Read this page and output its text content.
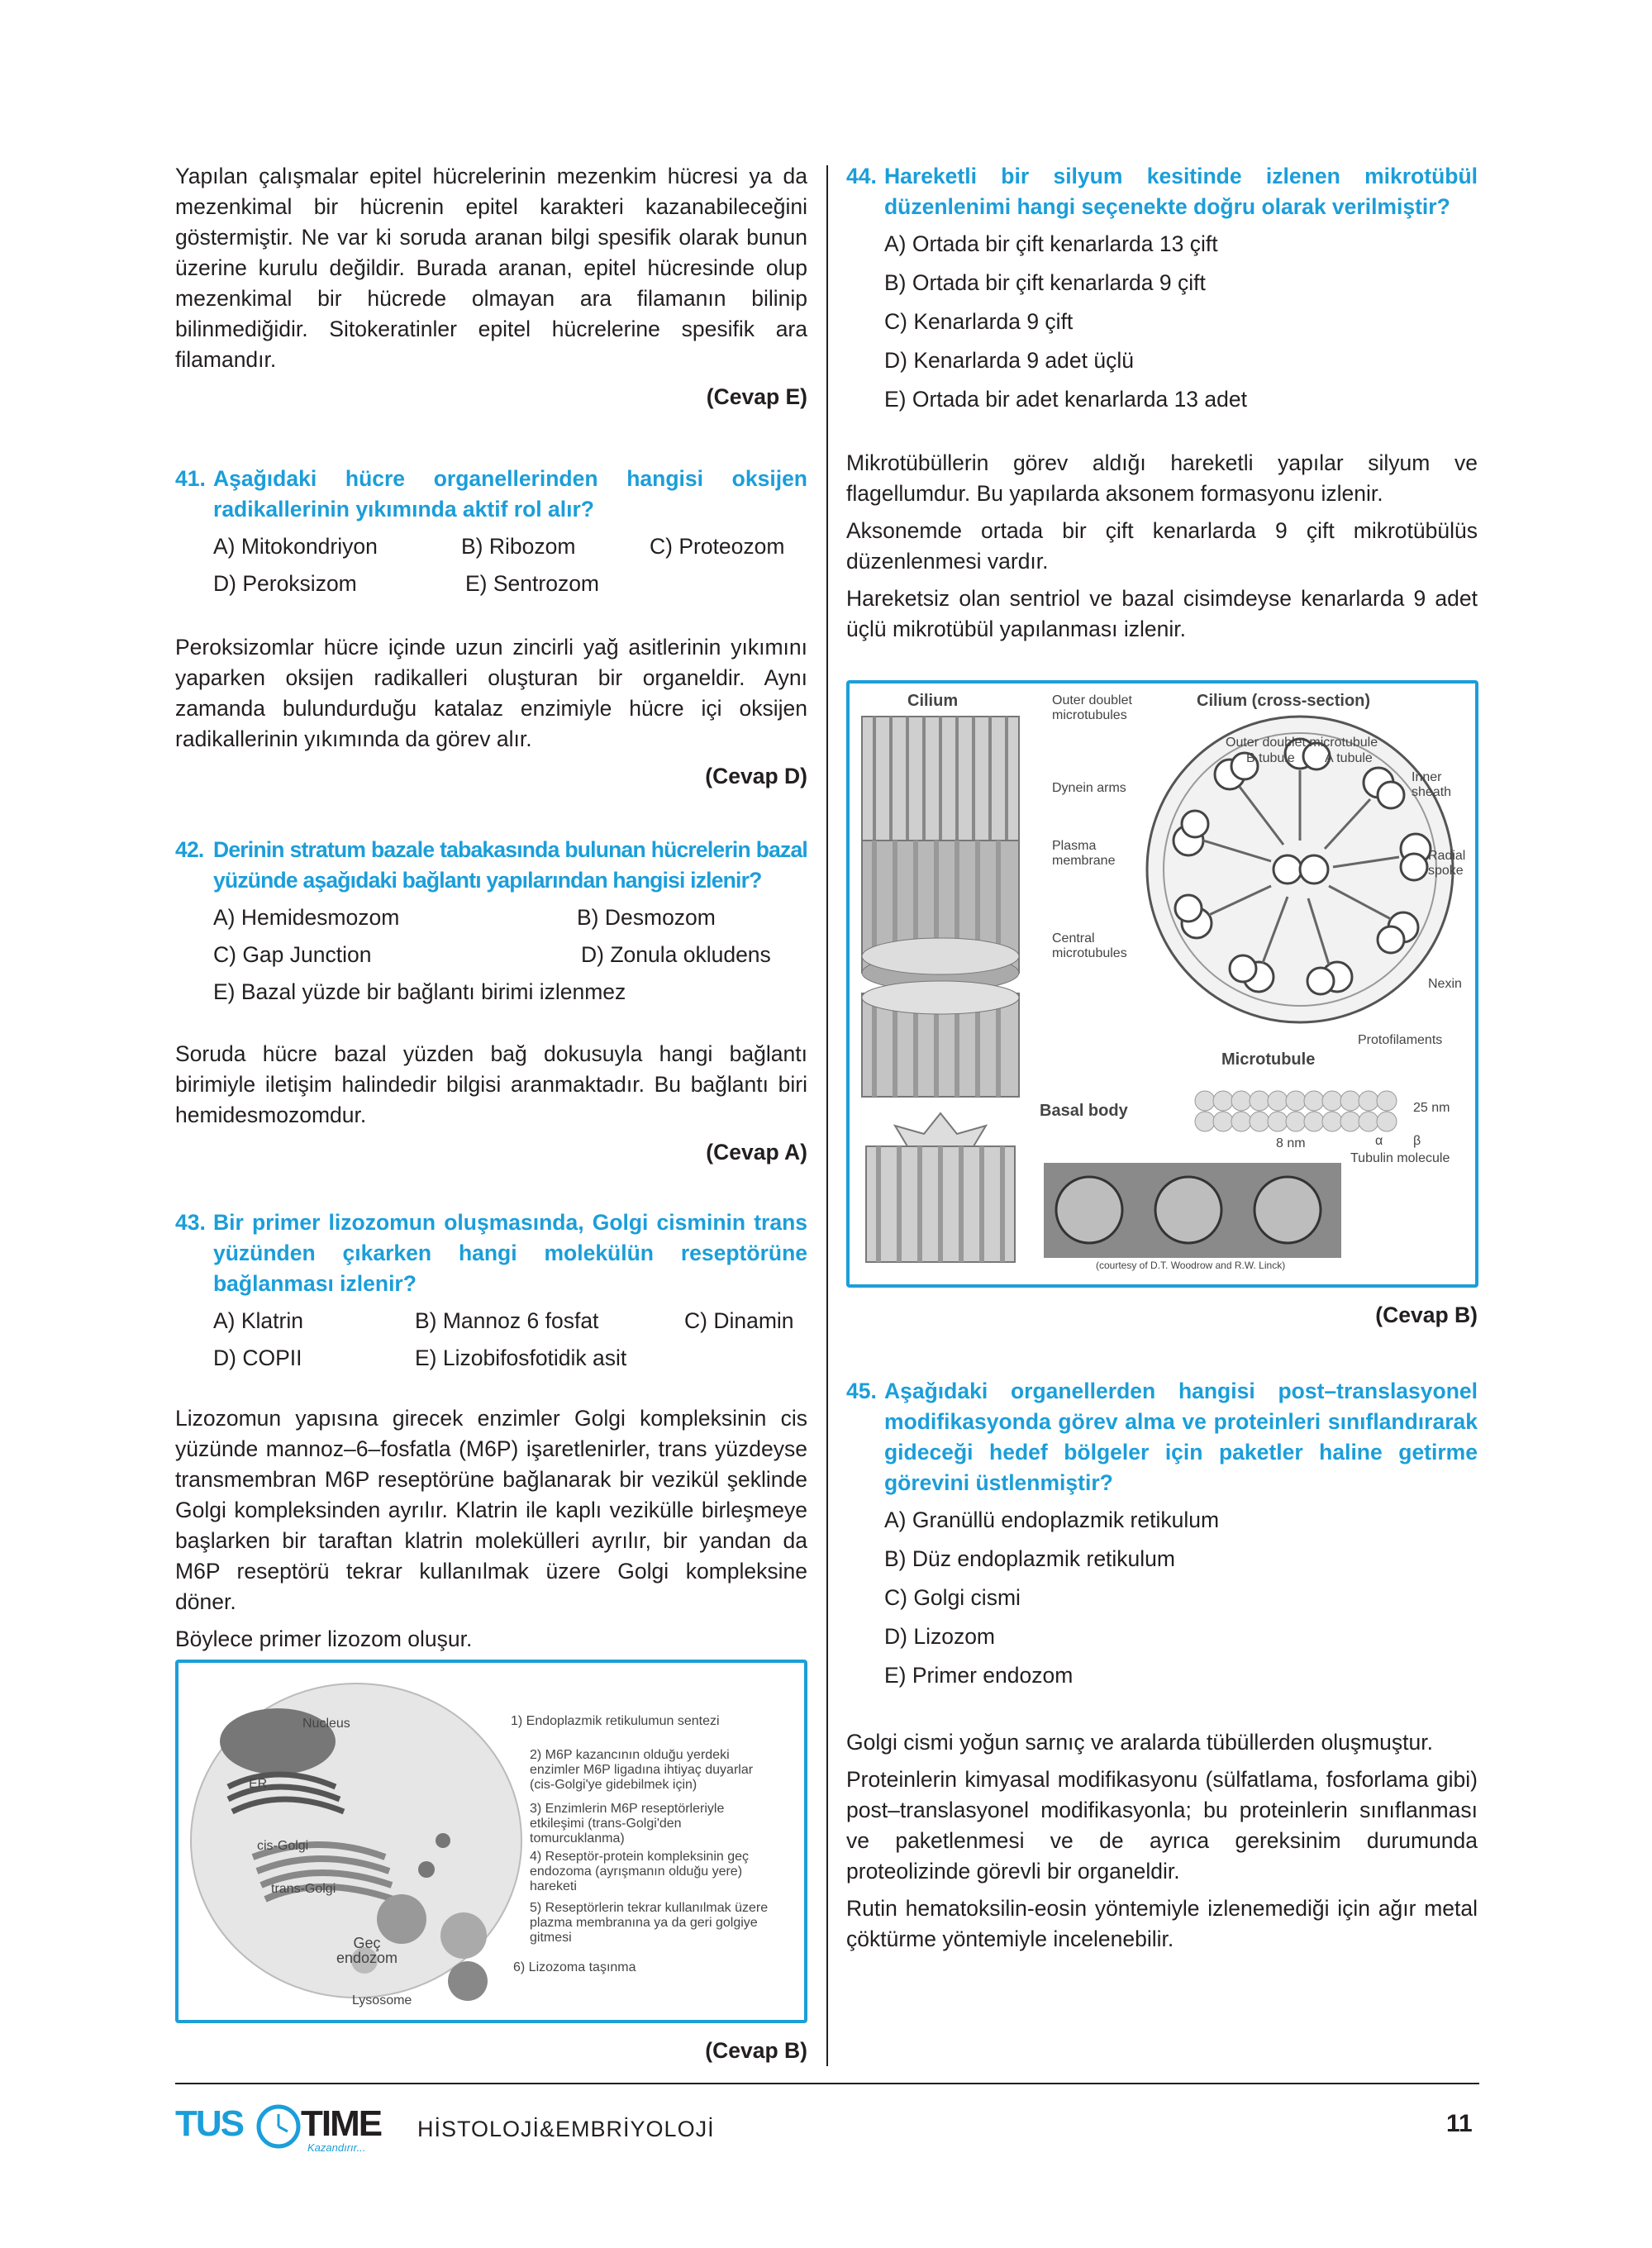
Yapılan çalışmalar epitel hücrelerinin mezenkim hücresi ya da mezenkimal bir hücrenin epitel karakteri kazanabileceğini göstermiştir. Ne var ki soruda aranan bilgi spesifik olarak bunun üzerine kurulu değildir. Burada aranan, epitel hücresinde olup mezenkimal bir hücrede olmayan ara filamanın bilinip bilinmediğidir. Sitokeratinler epitel hücrelerine spesifik ara filamandır.

(Cevap E)

41. Aşağıdaki hücre organellerinden hangisi oksijen radikallerinin yıkımında aktif rol alır?
A) Mitokondriyon	B) Ribozom	C) Proteozom
D) Peroksizom	E) Sentrozom

Peroksizomlar hücre içinde uzun zincirli yağ asitlerinin yıkımını yaparken oksijen radikalleri oluşturan bir organeldir. Aynı zamanda bulundurduğu katalaz enzimiyle hücre içi oksijen radikallerinin yıkımında da görev alır.

(Cevap D)

42. Derinin stratum bazale tabakasında bulunan hücrelerin bazal yüzünde aşağıdaki bağlantı yapılarından hangisi izlenir?
A) Hemidesmozom	B) Desmozom
C) Gap Junction	D) Zonula okludens
E) Bazal yüzde bir bağlantı birimi izlenmez

Soruda hücre bazal yüzden bağ dokusuyla hangi bağlantı birimiyle iletişim halindedir bilgisi aranmaktadır. Bu bağlantı biri hemidesmozomdur.

(Cevap A)

43. Bir primer lizozomun oluşmasında, Golgi cisminin trans yüzünden çıkarken hangi molekülün reseptörüne bağlanması izlenir?
A) Klatrin	B) Mannoz 6 fosfat	C) Dinamin
D) COPII	E) Lizobifosfotidik asit

Lizozomun yapısına girecek enzimler Golgi kompleksinin cis yüzünde mannoz–6–fosfatla (M6P) işaretlenirler, trans yüzdeyse transmembran M6P reseptörüne bağlanarak bir vezikül şeklinde Golgi kompleksinden ayrılır. Klatrin ile kaplı vezikülle birleşmeye başlarken bir taraftan klatrin molekülleri ayrılır, bir yandan da M6P reseptörü tekrar kullanılmak üzere Golgi kompleksine döner.

Böylece primer lizozom oluşur.

Nucleus
ER
cis-Golgi
trans-Golgi
Geç endozom
Lysosome
1) Endoplazmik retikulumun sentezi
2) M6P kazancının olduğu yerdeki enzimler M6P ligadına ihtiyaç duyarlar (cis-Golgi'ye gidebilmek için)
3) Enzimlerin M6P reseptörleriyle etkileşimi (trans-Golgi'den tomurcuklanma)
4) Reseptör-protein kompleksinin geç endozoma (ayrışmanın olduğu yere) hareketi
5) Reseptörlerin tekrar kullanılmak üzere plazma membranına ya da geri golgiye gitmesi
6) Lizozoma taşınma

(Cevap B)

44. Hareketli bir silyum kesitinde izlenen mikrotübül düzenlenimi hangi seçenekte doğru olarak verilmiştir?
A) Ortada bir çift kenarlarda 13 çift
B) Ortada bir çift kenarlarda 9 çift
C) Kenarlarda 9 çift
D) Kenarlarda 9 adet üçlü
E) Ortada bir adet kenarlarda 13 adet

Mikrotübüllerin görev aldığı hareketli yapılar silyum ve flagellumdur. Bu yapılarda aksonem formasyonu izlenir.

Aksonemde ortada bir çift kenarlarda 9 çift mikrotübülüs düzenlenmesi vardır.

Hareketsiz olan sentriol ve bazal cisimdeyse kenarlarda 9 adet üçlü mikrotübül yapılanması izlenir.

Cilium	Outer doublet microtubules
Cilium (cross-section)
Outer doublet microtubule
B tubule A tubule
Inner sheath
Dynein arms
Plasma membrane	Radial spoke
Central microtubules
Nexin
Protofilaments
Microtubule
Basal body	25 nm
8 nm	α β
Tubulin molecule
(courtesy of D.T. Woodrow and R.W. Linck)

(Cevap B)

45. Aşağıdaki organellerden hangisi post–translasyonel modifikasyonda görev alma ve proteinleri sınıflandırarak gideceği hedef bölgeler için paketler haline getirme görevini üstlenmiştir?
A) Granüllü endoplazmik retikulum
B) Düz endoplazmik retikulum
C) Golgi cismi
D) Lizozom
E) Primer endozom

Golgi cismi yoğun sarnıç ve aralarda tübüllerden oluşmuştur.

Proteinlerin kimyasal modifikasyonu (sülfatlama, fosforlama gibi) post–translasyonel modifikasyonla; bu proteinlerin sınıflanması ve paketlenmesi ve de ayrıca gereksinim durumunda proteolizinde görevli bir organeldir.

Rutin hematoksilin-eosin yöntemiyle izlenemediği için ağır metal çöktürme yöntemiyle incelenebilir.

TUS TIME
Kazandırır...
HİSTOLOJİ&EMBRİYOLOJİ	11
